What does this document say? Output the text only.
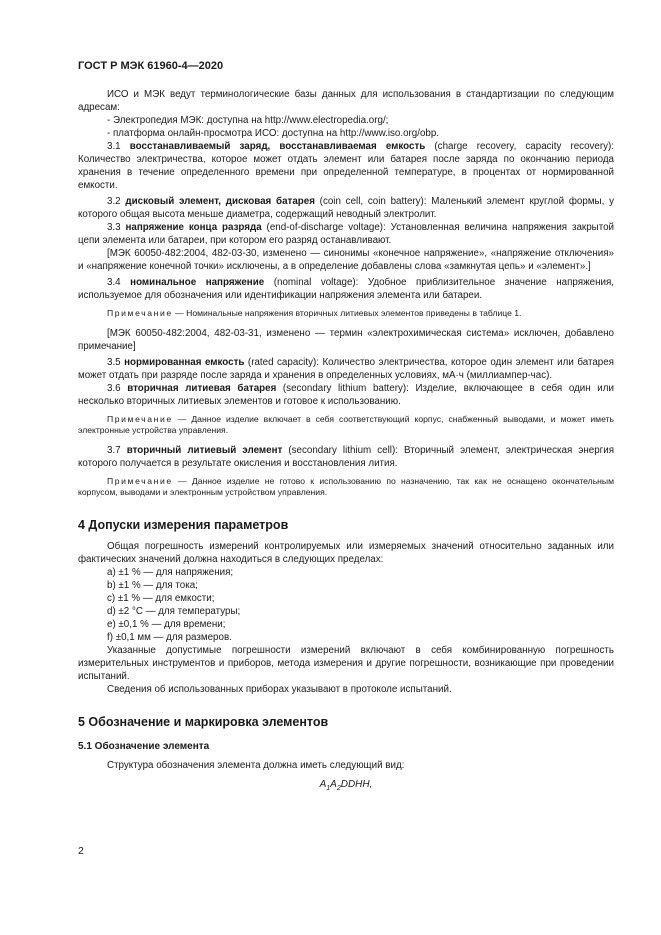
ГОСТ Р МЭК 61960-4—2020

ИСО и МЭК ведут терминологические базы данных для использования в стандартизации по следующим адресам:

- Электропедия МЭК: доступна на http://www.electropedia.org/;

- платформа онлайн-просмотра ИСО: доступна на http://www.iso.org/obp.

3.1 восстанавливаемый заряд, восстанавливаемая емкость (charge recovery, capacity recovery): Количество электричества, которое может отдать элемент или батарея после заряда по окончанию периода хранения в течение определенного времени при определенной температуре, в процентах от нормированной емкости.

3.2 дисковый элемент, дисковая батарея (coin cell, coin battery): Маленький элемент круглой формы, у которого общая высота меньше диаметра, содержащий неводный электролит.

3.3 напряжение конца разряда (end-of-discharge voltage): Установленная величина напряжения закрытой цепи элемента или батареи, при котором его разряд останавливают.

[МЭК 60050-482:2004, 482-03-30, изменено — синонимы «конечное напряжение», «напряжение отключения» и «напряжение конечной точки» исключены, а в определение добавлены слова «замкнутая цепь» и «элемент».]

3.4 номинальное напряжение (nominal voltage): Удобное приблизительное значение напряжения, используемое для обозначения или идентификации напряжения элемента или батареи.

Примечание — Номинальные напряжения вторичных литиевых элементов приведены в таблице 1.

[МЭК 60050-482:2004, 482-03-31, изменено — термин «электрохимическая система» исключен, добавлено примечание]

3.5 нормированная емкость (rated capacity): Количество электричества, которое один элемент или батарея может отдать при разряде после заряда и хранения в определенных условиях, мА·ч (миллиампер-час).

3.6 вторичная литиевая батарея (secondary lithium battery): Изделие, включающее в себя один или несколько вторичных литиевых элементов и готовое к использованию.

Примечание — Данное изделие включает в себя соответствующий корпус, снабженный выводами, и может иметь электронные устройства управления.

3.7 вторичный литиевый элемент (secondary lithium cell): Вторичный элемент, электрическая энергия которого получается в результате окисления и восстановления лития.

Примечание — Данное изделие не готово к использованию по назначению, так как не оснащено окончательным корпусом, выводами и электронным устройством управления.

4 Допуски измерения параметров

Общая погрешность измерений контролируемых или измеряемых значений относительно заданных или фактических значений должна находиться в следующих пределах:

а) ±1 % — для напряжения;

b) ±1 % — для тока;

c) ±1 % — для емкости;

d) ±2 °C — для температуры;

e) ±0,1 % — для времени;

f) ±0,1 мм — для размеров.

Указанные допустимые погрешности измерений включают в себя комбинированную погрешность измерительных инструментов и приборов, метода измерения и другие погрешности, возникающие при проведении испытаний.

Сведения об использованных приборах указывают в протоколе испытаний.

5 Обозначение и маркировка элементов
5.1 Обозначение элемента

Структура обозначения элемента должна иметь следующий вид:

$A_1A_2DDHH$,

2
